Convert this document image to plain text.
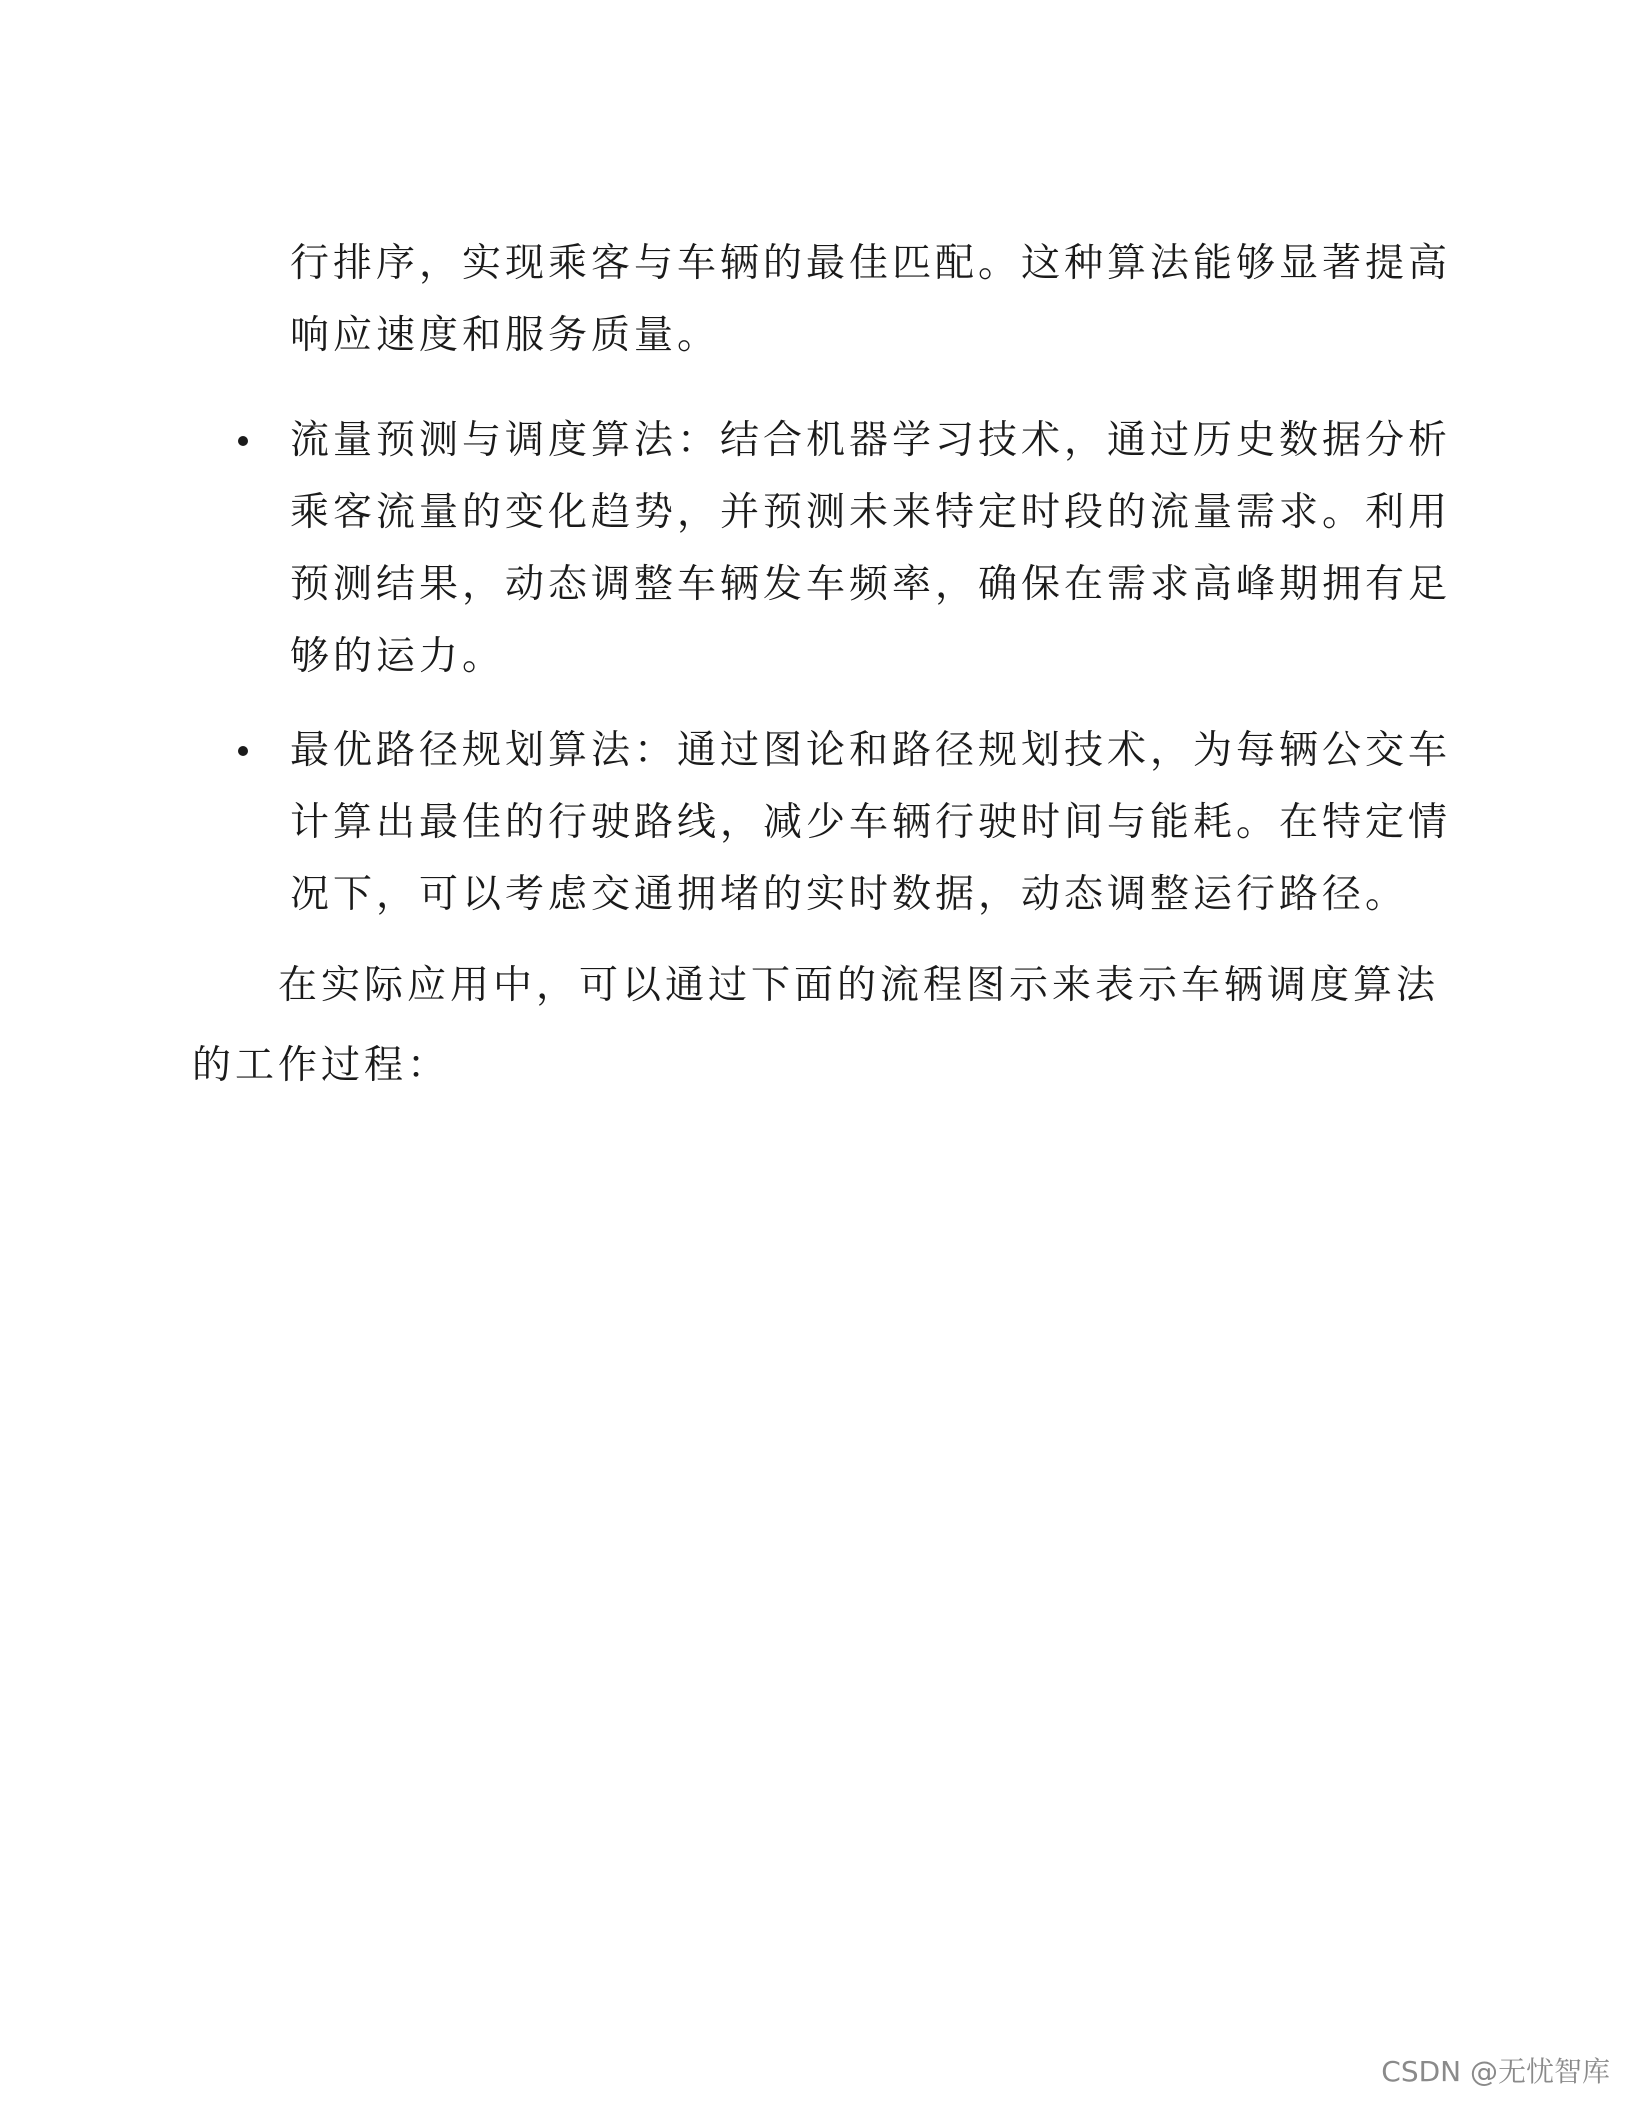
行排序，实现乘客与车辆的最佳匹配。这种算法能够显著提高
响应速度和服务质量。
流量预测与调度算法：结合机器学习技术，通过历史数据分析
乘客流量的变化趋势，并预测未来特定时段的流量需求。利用
预测结果，动态调整车辆发车频率，确保在需求高峰期拥有足
够的运力。
最优路径规划算法：通过图论和路径规划技术，为每辆公交车
计算出最佳的行驶路线，减少车辆行驶时间与能耗。在特定情
况下，可以考虑交通拥堵的实时数据，动态调整运行路径。
在实际应用中，可以通过下面的流程图示来表示车辆调度算法
的工作过程：
CSDN @无忧智库
